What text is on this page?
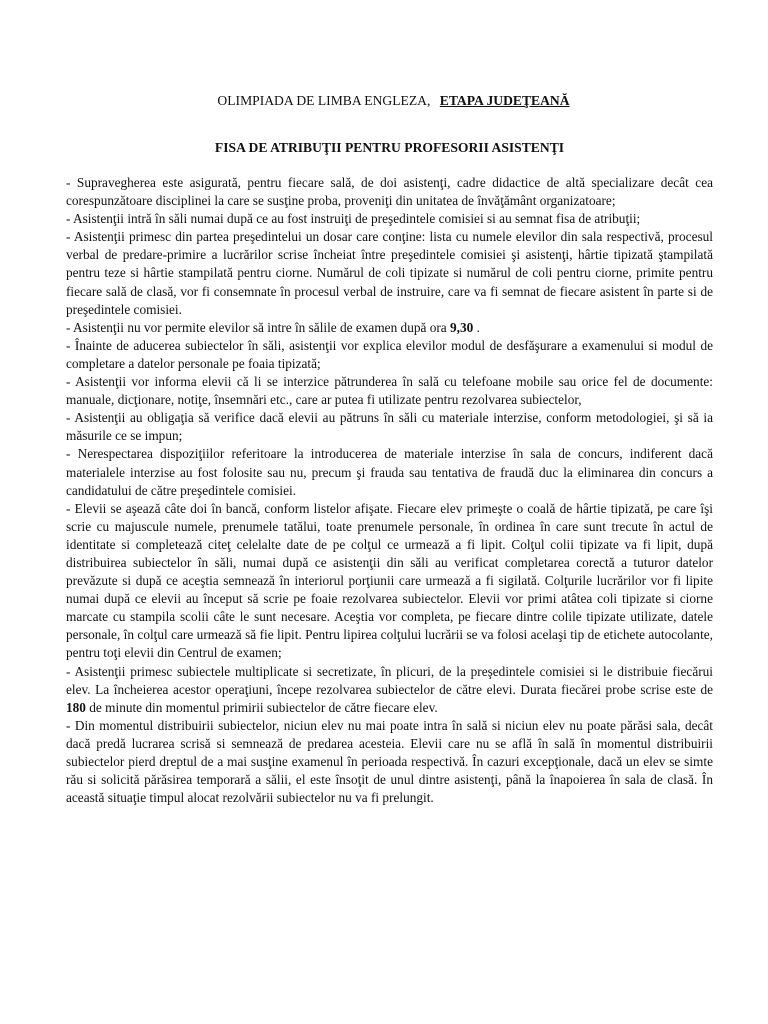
OLIMPIADA DE LIMBA ENGLEZA, ETAPA JUDEŢEANĂ
FISA DE ATRIBUŢII PENTRU PROFESORII ASISTENŢI

- Supravegherea este asigurată, pentru fiecare sală, de doi asistenţi, cadre didactice de altă specializare decât cea corespunzătoare disciplinei la care se susţine proba, proveniţi din unitatea de învăţământ organizatoare;

- Asistenţii intră în săli numai după ce au fost instruiţi de preşedintele comisiei si au semnat fisa de atribuţii;

- Asistenţii primesc din partea preşedintelui un dosar care conţine: lista cu numele elevilor din sala respectivă, procesul verbal de predare-primire a lucrărilor scrise încheiat între preşedintele comisiei şi asistenţi, hârtie tipizată ştampilată pentru teze si hârtie stampilată pentru ciorne. Numărul de coli tipizate si numărul de coli pentru ciorne, primite pentru fiecare sală de clasă, vor fi consemnate în procesul verbal de instruire, care va fi semnat de fiecare asistent în parte si de preşedintele comisiei.

- Asistenţii nu vor permite elevilor să intre în sălile de examen după ora 9,30 .

- Înainte de aducerea subiectelor în săli, asistenţii vor explica elevilor modul de desfăşurare a examenului si modul de completare a datelor personale pe foaia tipizată;

- Asistenţii vor informa elevii că li se interzice pătrunderea în sală cu telefoane mobile sau orice fel de documente: manuale, dicţionare, notiţe, însemnări etc., care ar putea fi utilizate pentru rezolvarea subiectelor,

- Asistenţii au obligaţia să verifice dacă elevii au pătruns în săli cu materiale interzise, conform metodologiei, şi să ia măsurile ce se impun;

- Nerespectarea dispoziţiilor referitoare la introducerea de materiale interzise în sala de concurs, indiferent dacă materialele interzise au fost folosite sau nu, precum şi frauda sau tentativa de fraudă duc la eliminarea din concurs a candidatului de către preşedintele comisiei.

- Elevii se aşează câte doi în bancă, conform listelor afişate. Fiecare elev primeşte o coală de hârtie tipizată, pe care îşi scrie cu majuscule numele, prenumele tatălui, toate prenumele personale, în ordinea în care sunt trecute în actul de identitate si completează citeţ celelalte date de pe colţul ce urmează a fi lipit. Colţul colii tipizate va fi lipit, după distribuirea subiectelor în săli, numai după ce asistenţii din săli au verificat completarea corectă a tuturor datelor prevăzute si după ce aceştia semnează în interiorul porţiunii care urmează a fi sigilată. Colţurile lucrărilor vor fi lipite numai după ce elevii au început să scrie pe foaie rezolvarea subiectelor. Elevii vor primi atâtea coli tipizate si ciorne marcate cu stampila scolii câte le sunt necesare. Aceştia vor completa, pe fiecare dintre colile tipizate utilizate, datele personale, în colţul care urmează să fie lipit. Pentru lipirea colţului lucrării se va folosi acelaşi tip de etichete autocolante, pentru toţi elevii din Centrul de examen;

- Asistenţii primesc subiectele multiplicate si secretizate, în plicuri, de la preşedintele comisiei si le distribuie fiecărui elev. La încheierea acestor operaţiuni, începe rezolvarea subiectelor de către elevi. Durata fiecărei probe scrise este de 180 de minute din momentul primirii subiectelor de către fiecare elev.

- Din momentul distribuirii subiectelor, niciun elev nu mai poate intra în sală si niciun elev nu poate părăsi sala, decât dacă predă lucrarea scrisă si semnează de predarea acesteia. Elevii care nu se află în sală în momentul distribuirii subiectelor pierd dreptul de a mai susţine examenul în perioada respectivă. În cazuri excepţionale, dacă un elev se simte rău si solicită părăsirea temporară a sălii, el este însoţit de unul dintre asistenţi, până la înapoierea în sala de clasă. În această situaţie timpul alocat rezolvării subiectelor nu va fi prelungit.
